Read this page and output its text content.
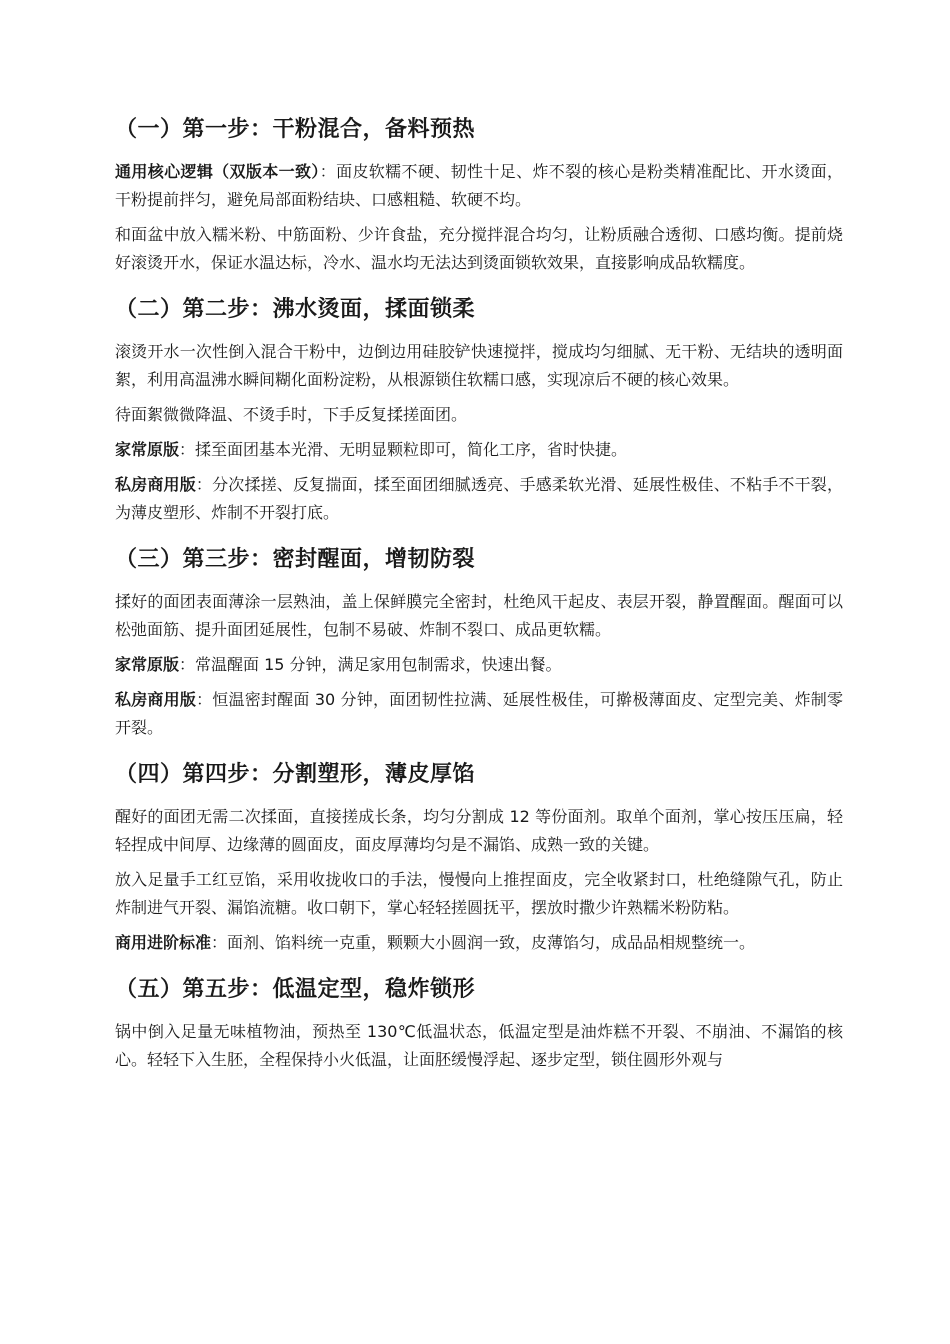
（一）第一步：干粉混合，备料预热
通用核心逻辑（双版本一致）：面皮软糯不硬、韧性十足、炸不裂的核心是粉类精准配比、开水烫面，干粉提前拌匀，避免局部面粉结块、口感粗糙、软硬不均。
和面盆中放入糯米粉、中筋面粉、少许食盐，充分搅拌混合均匀，让粉质融合透彻、口感均衡。提前烧好滚烫开水，保证水温达标，冷水、温水均无法达到烫面锁软效果，直接影响成品软糯度。
（二）第二步：沸水烫面，揉面锁柔
滚烫开水一次性倒入混合干粉中，边倒边用硅胶铲快速搅拌，搅成均匀细腻、无干粉、无结块的透明面絮，利用高温沸水瞬间糊化面粉淀粉，从根源锁住软糯口感，实现凉后不硬的核心效果。
待面絮微微降温、不烫手时，下手反复揉搓面团。
家常原版：揉至面团基本光滑、无明显颗粒即可，简化工序，省时快捷。
私房商用版：分次揉搓、反复揣面，揉至面团细腻透亮、手感柔软光滑、延展性极佳、不粘手不干裂，为薄皮塑形、炸制不开裂打底。
（三）第三步：密封醒面，增韧防裂
揉好的面团表面薄涂一层熟油，盖上保鲜膜完全密封，杜绝风干起皮、表层开裂，静置醒面。醒面可以松弛面筋、提升面团延展性，包制不易破、炸制不裂口、成品更软糯。
家常原版：常温醒面 15 分钟，满足家用包制需求，快速出餐。
私房商用版：恒温密封醒面 30 分钟，面团韧性拉满、延展性极佳，可擀极薄面皮、定型完美、炸制零开裂。
（四）第四步：分割塑形，薄皮厚馅
醒好的面团无需二次揉面，直接搓成长条，均匀分割成 12 等份面剂。取单个面剂，掌心按压压扁，轻轻捏成中间厚、边缘薄的圆面皮，面皮厚薄均匀是不漏馅、成熟一致的关键。
放入足量手工红豆馅，采用收拢收口的手法，慢慢向上推捏面皮，完全收紧封口，杜绝缝隙气孔，防止炸制进气开裂、漏馅流糖。收口朝下，掌心轻轻搓圆抚平，摆放时撒少许熟糯米粉防粘。
商用进阶标准：面剂、馅料统一克重，颗颗大小圆润一致，皮薄馅匀，成品品相规整统一。
（五）第五步：低温定型，稳炸锁形
锅中倒入足量无味植物油，预热至 130℃低温状态，低温定型是油炸糕不开裂、不崩油、不漏馅的核心。轻轻下入生胚，全程保持小火低温，让面胚缓慢浮起、逐步定型，锁住圆形外观与
